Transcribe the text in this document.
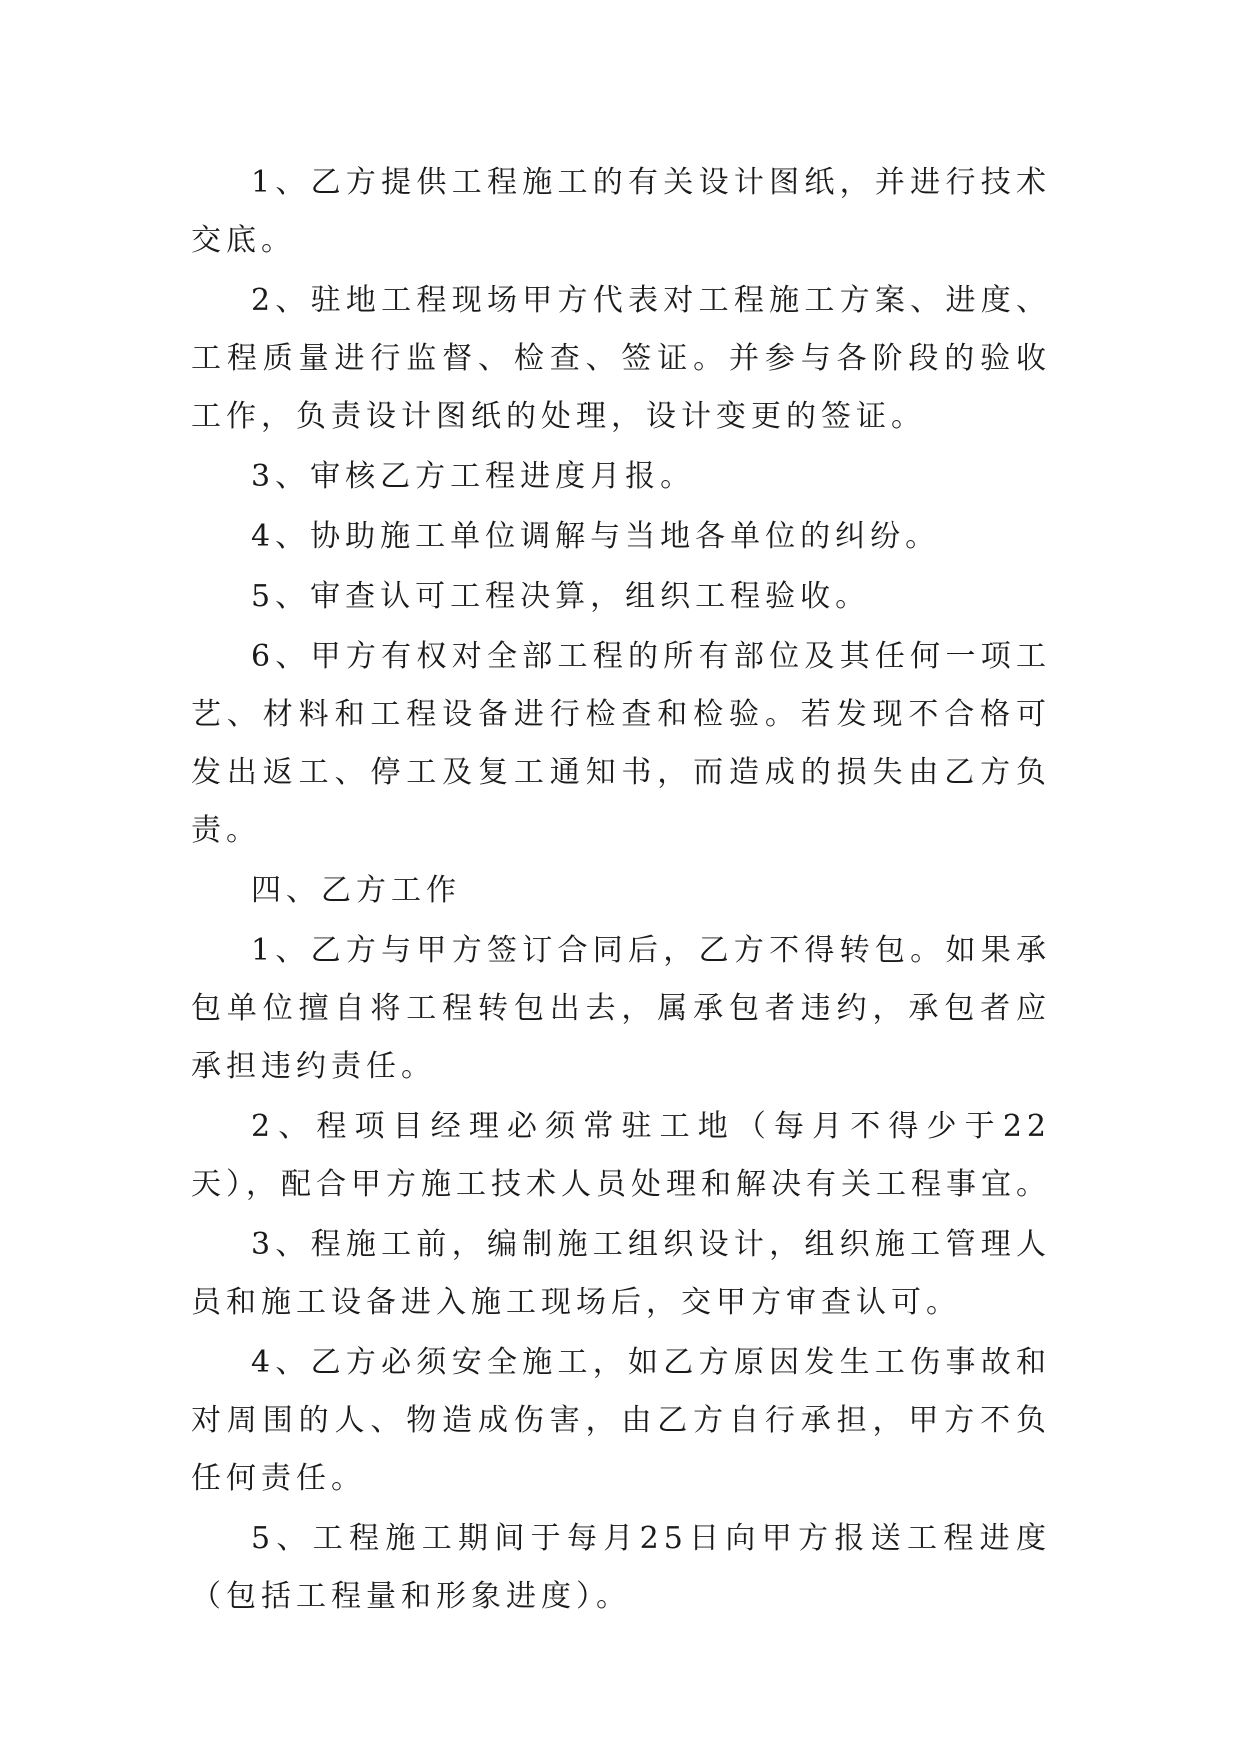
1、乙方提供工程施工的有关设计图纸，并进行技术交底。

2、驻地工程现场甲方代表对工程施工方案、进度、工程质量进行监督、检查、签证。并参与各阶段的验收工作，负责设计图纸的处理，设计变更的签证。

3、审核乙方工程进度月报。

4、协助施工单位调解与当地各单位的纠纷。

5、审查认可工程决算，组织工程验收。

6、甲方有权对全部工程的所有部位及其任何一项工艺、材料和工程设备进行检查和检验。若发现不合格可发出返工、停工及复工通知书，而造成的损失由乙方负责。

四、乙方工作

1、乙方与甲方签订合同后，乙方不得转包。如果承包单位擅自将工程转包出去，属承包者违约，承包者应承担违约责任。

2、程项目经理必须常驻工地（每月不得少于22天），配合甲方施工技术人员处理和解决有关工程事宜。

3、程施工前，编制施工组织设计，组织施工管理人员和施工设备进入施工现场后，交甲方审查认可。

4、乙方必须安全施工，如乙方原因发生工伤事故和对周围的人、物造成伤害，由乙方自行承担，甲方不负任何责任。

5、工程施工期间于每月25日向甲方报送工程进度（包括工程量和形象进度）。
